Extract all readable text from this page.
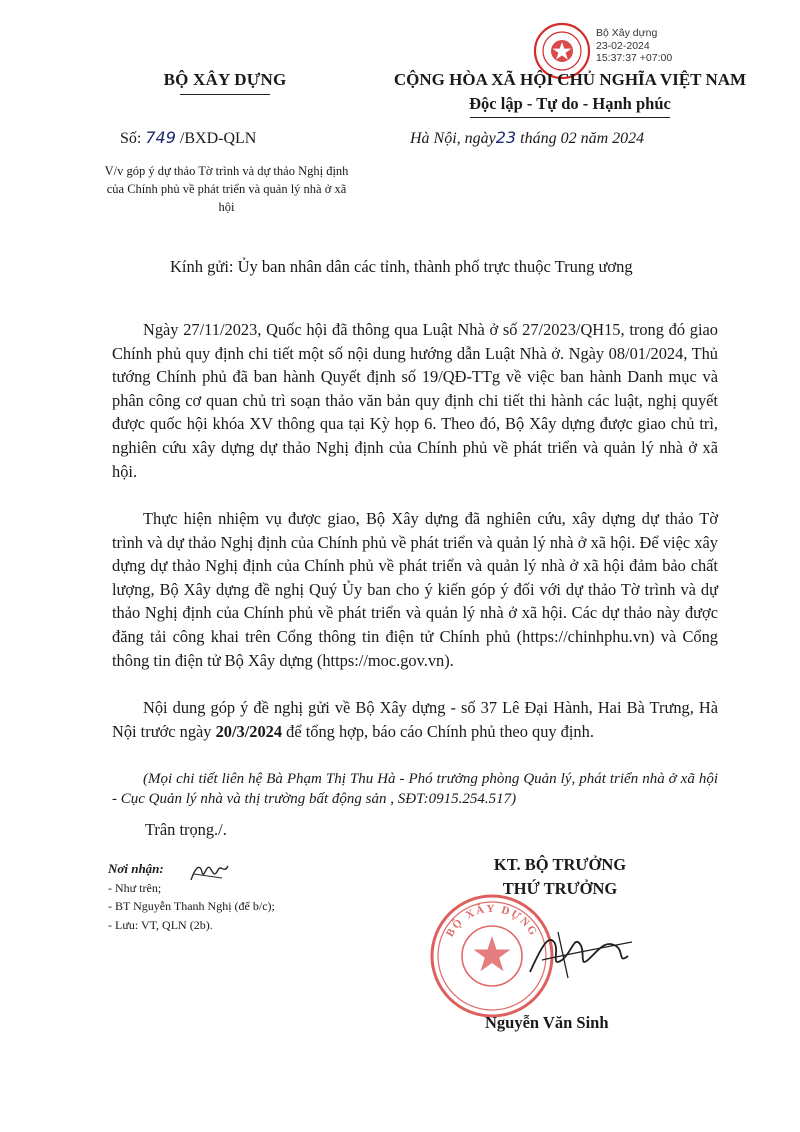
Bộ Xây dựng
23-02-2024
15:37:37 +07:00
BỘ XÂY DỰNG	CỘNG HÒA XÃ HỘI CHỦ NGHĨA VIỆT NAM
Độc lập - Tự do - Hạnh phúc
Số: 749 /BXD-QLN	Hà Nội, ngày23 tháng 02 năm 2024
V/v góp ý dự thảo Tờ trình và dự thảo Nghị định của Chính phủ về phát triển và quản lý nhà ở xã hội
Kính gửi: Ủy ban nhân dân các tỉnh, thành phố trực thuộc Trung ương
Ngày 27/11/2023, Quốc hội đã thông qua Luật Nhà ở số 27/2023/QH15, trong đó giao Chính phủ quy định chi tiết một số nội dung hướng dẫn Luật Nhà ở. Ngày 08/01/2024, Thủ tướng Chính phủ đã ban hành Quyết định số 19/QĐ-TTg về việc ban hành Danh mục và phân công cơ quan chủ trì soạn thảo văn bản quy định chi tiết thi hành các luật, nghị quyết được quốc hội khóa XV thông qua tại Kỳ họp 6. Theo đó, Bộ Xây dựng được giao chủ trì, nghiên cứu xây dựng dự thảo Nghị định của Chính phủ về phát triển và quản lý nhà ở xã hội.
Thực hiện nhiệm vụ được giao, Bộ Xây dựng đã nghiên cứu, xây dựng dự thảo Tờ trình và dự thảo Nghị định của Chính phủ về phát triển và quản lý nhà ở xã hội. Để việc xây dựng dự thảo Nghị định của Chính phủ về phát triển và quản lý nhà ở xã hội đảm bảo chất lượng, Bộ Xây dựng đề nghị Quý Ủy ban cho ý kiến góp ý đối với dự thảo Tờ trình và dự thảo Nghị định của Chính phủ về phát triển và quản lý nhà ở xã hội. Các dự thảo này được đăng tải công khai trên Cổng thông tin điện tử Chính phủ (https://chinhphu.vn) và Cổng thông tin điện tử Bộ Xây dựng (https://moc.gov.vn).
Nội dung góp ý đề nghị gửi về Bộ Xây dựng - số 37 Lê Đại Hành, Hai Bà Trưng, Hà Nội trước ngày 20/3/2024 để tổng hợp, báo cáo Chính phủ theo quy định.
(Mọi chi tiết liên hệ Bà Phạm Thị Thu Hà - Phó trưởng phòng Quản lý, phát triển nhà ở xã hội - Cục Quản lý nhà và thị trường bất động sản , SĐT:0915.254.517)
Trân trọng./.
Nơi nhận:
- Như trên;
- BT Nguyễn Thanh Nghị (để b/c);
- Lưu: VT, QLN (2b).
KT. BỘ TRƯỞNG
THỨ TRƯỞNG
BỘ XÂY DỰNG
Nguyễn Văn Sinh
